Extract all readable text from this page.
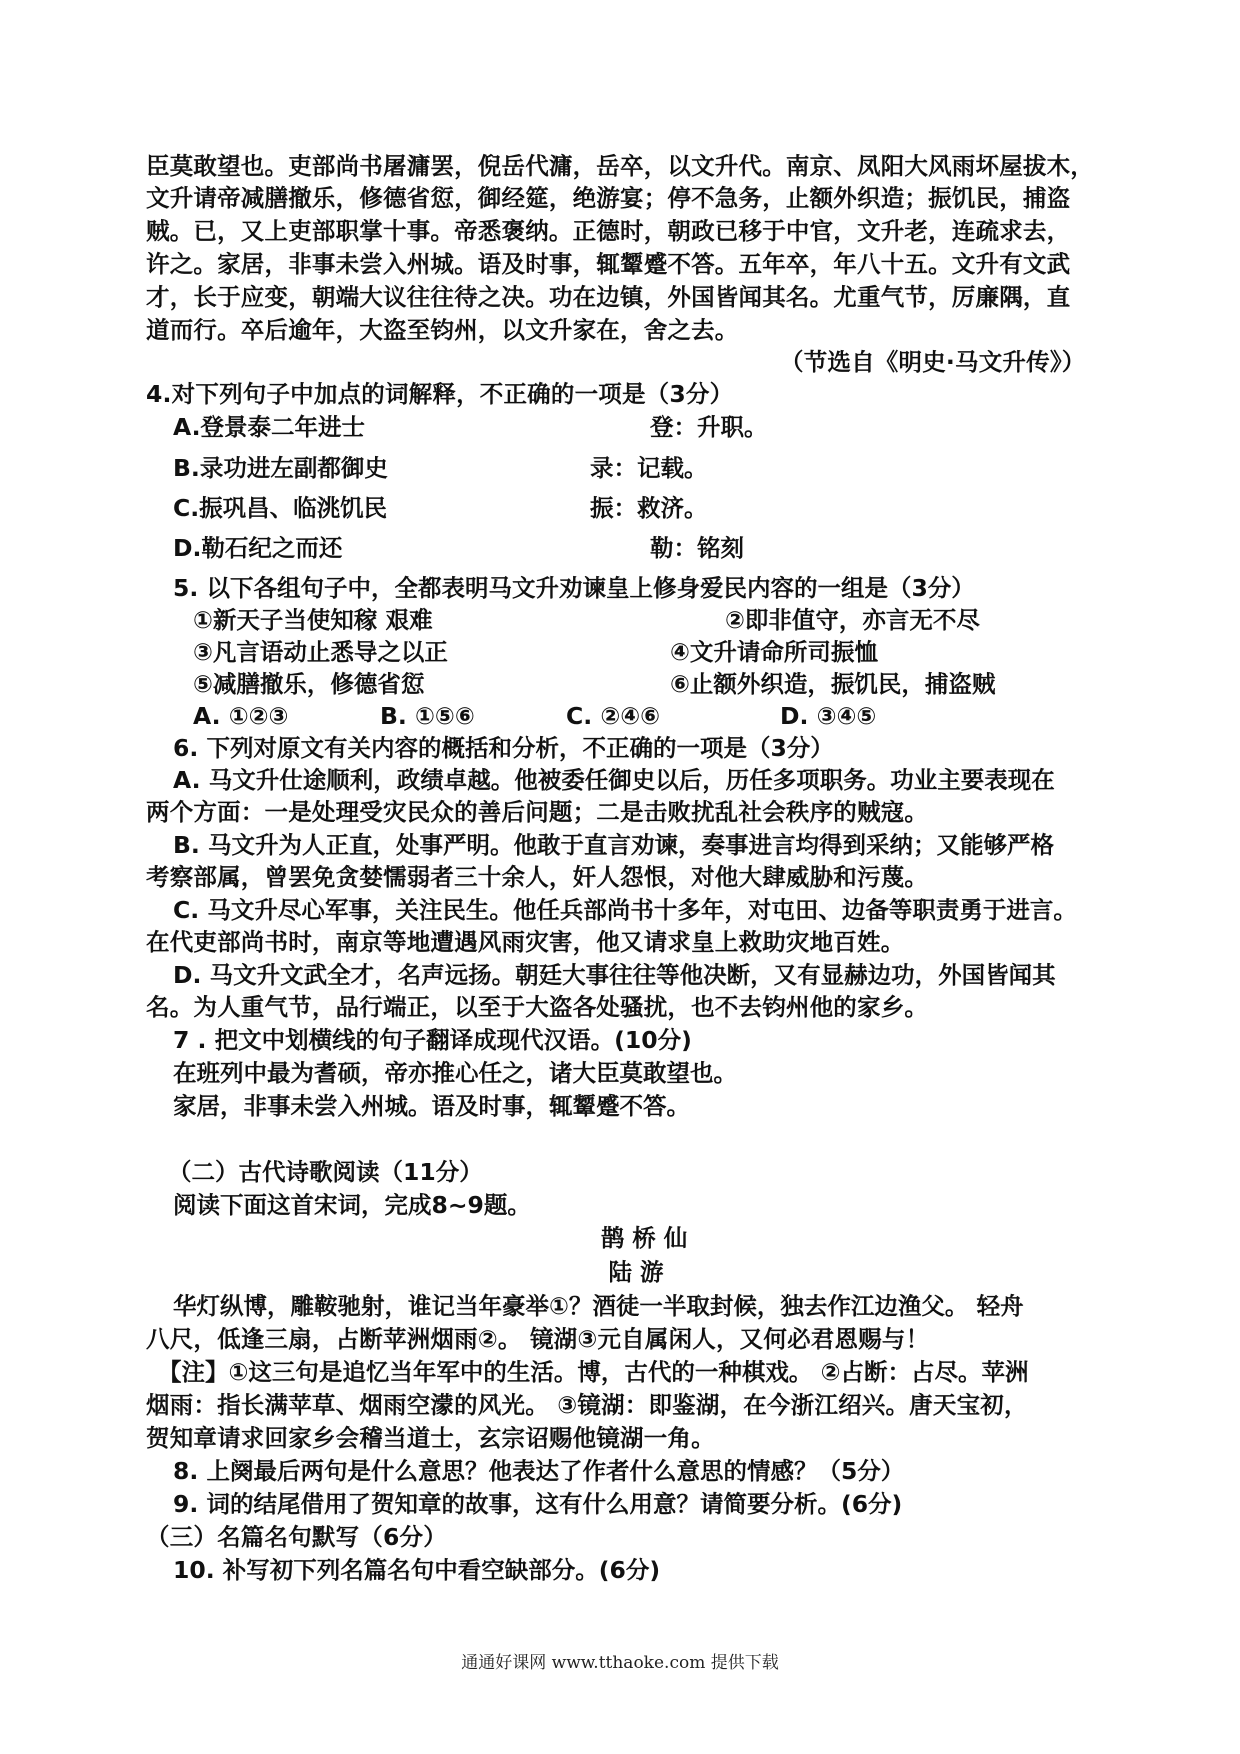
臣莫敢望也。吏部尚书屠滽罢，倪岳代滽，岳卒，以文升代。南京、凤阳大风雨坏屋拔木，
文升请帝减膳撤乐，修德省愆，御经筵，绝游宴；停不急务，止额外织造；振饥民，捕盗
贼。已，又上吏部职掌十事。帝悉褒纳。正德时，朝政已移于中官，文升老，连疏求去，
许之。家居，非事未尝入州城。语及时事，辄颦蹙不答。五年卒，年八十五。文升有文武
才，长于应变，朝端大议往往待之决。功在边镇，外国皆闻其名。尤重气节，厉廉隅，直
道而行。卒后逾年，大盗至钧州，以文升家在，舍之去。
（节选自《明史·马文升传》）
4.对下列句子中加点的词解释，不正确的一项是（3分）
A.登景泰二年进士	登：升职。
B.录功进左副都御史	录：记载。
C.振巩昌、临洮饥民	振：救济。
D.勒石纪之而还	勒：铭刻
5. 以下各组句子中，全都表明马文升劝谏皇上修身爱民内容的一组是（3分）
①新天子当使知稼 艰难	②即非值守，亦言无不尽
③凡言语动止悉导之以正	④文升请命所司振恤
⑤减膳撤乐，修德省愆	⑥止额外织造，振饥民，捕盗贼
A. ①②③	B. ①⑤⑥	C. ②④⑥	D. ③④⑤
6. 下列对原文有关内容的概括和分析，不正确的一项是（3分）
A. 马文升仕途顺利，政绩卓越。他被委任御史以后，历任多项职务。功业主要表现在
两个方面：一是处理受灾民众的善后问题；二是击败扰乱社会秩序的贼寇。
B. 马文升为人正直，处事严明。他敢于直言劝谏，奏事进言均得到采纳；又能够严格
考察部属，曾罢免贪婪懦弱者三十余人，奸人怨恨，对他大肆威胁和污蔑。
C. 马文升尽心军事，关注民生。他任兵部尚书十多年，对屯田、边备等职责勇于进言。
在代吏部尚书时，南京等地遭遇风雨灾害，他又请求皇上救助灾地百姓。
D. 马文升文武全才，名声远扬。朝廷大事往往等他决断，又有显赫边功，外国皆闻其
名。为人重气节，品行端正，以至于大盗各处骚扰，也不去钧州他的家乡。
7 . 把文中划横线的句子翻译成现代汉语。(10分)
在班列中最为耆硕，帝亦推心任之，诸大臣莫敢望也。
家居，非事未尝入州城。语及时事，辄颦蹙不答。
（二）古代诗歌阅读（11分）
阅读下面这首宋词，完成8~9题。
鹊桥仙
陆游
华灯纵博，雕鞍驰射，谁记当年豪举①？酒徒一半取封候，独去作江边渔父。 轻舟
八尺，低逢三扇，占断苹洲烟雨②。 镜湖③元自属闲人，又何必君恩赐与！
【注】①这三句是追忆当年军中的生活。博，古代的一种棋戏。 ②占断：占尽。苹洲
烟雨：指长满苹草、烟雨空濛的风光。 ③镜湖：即鉴湖，在今浙江绍兴。唐天宝初，
贺知章请求回家乡会稽当道士，玄宗诏赐他镜湖一角。
8. 上阕最后两句是什么意思？他表达了作者什么意思的情感？（5分）
9. 词的结尾借用了贺知章的故事，这有什么用意？请简要分析。(6分)
（三）名篇名句默写（6分）
10. 补写初下列名篇名句中看空缺部分。(6分)
通通好课网 www.tthaoke.com 提供下载
